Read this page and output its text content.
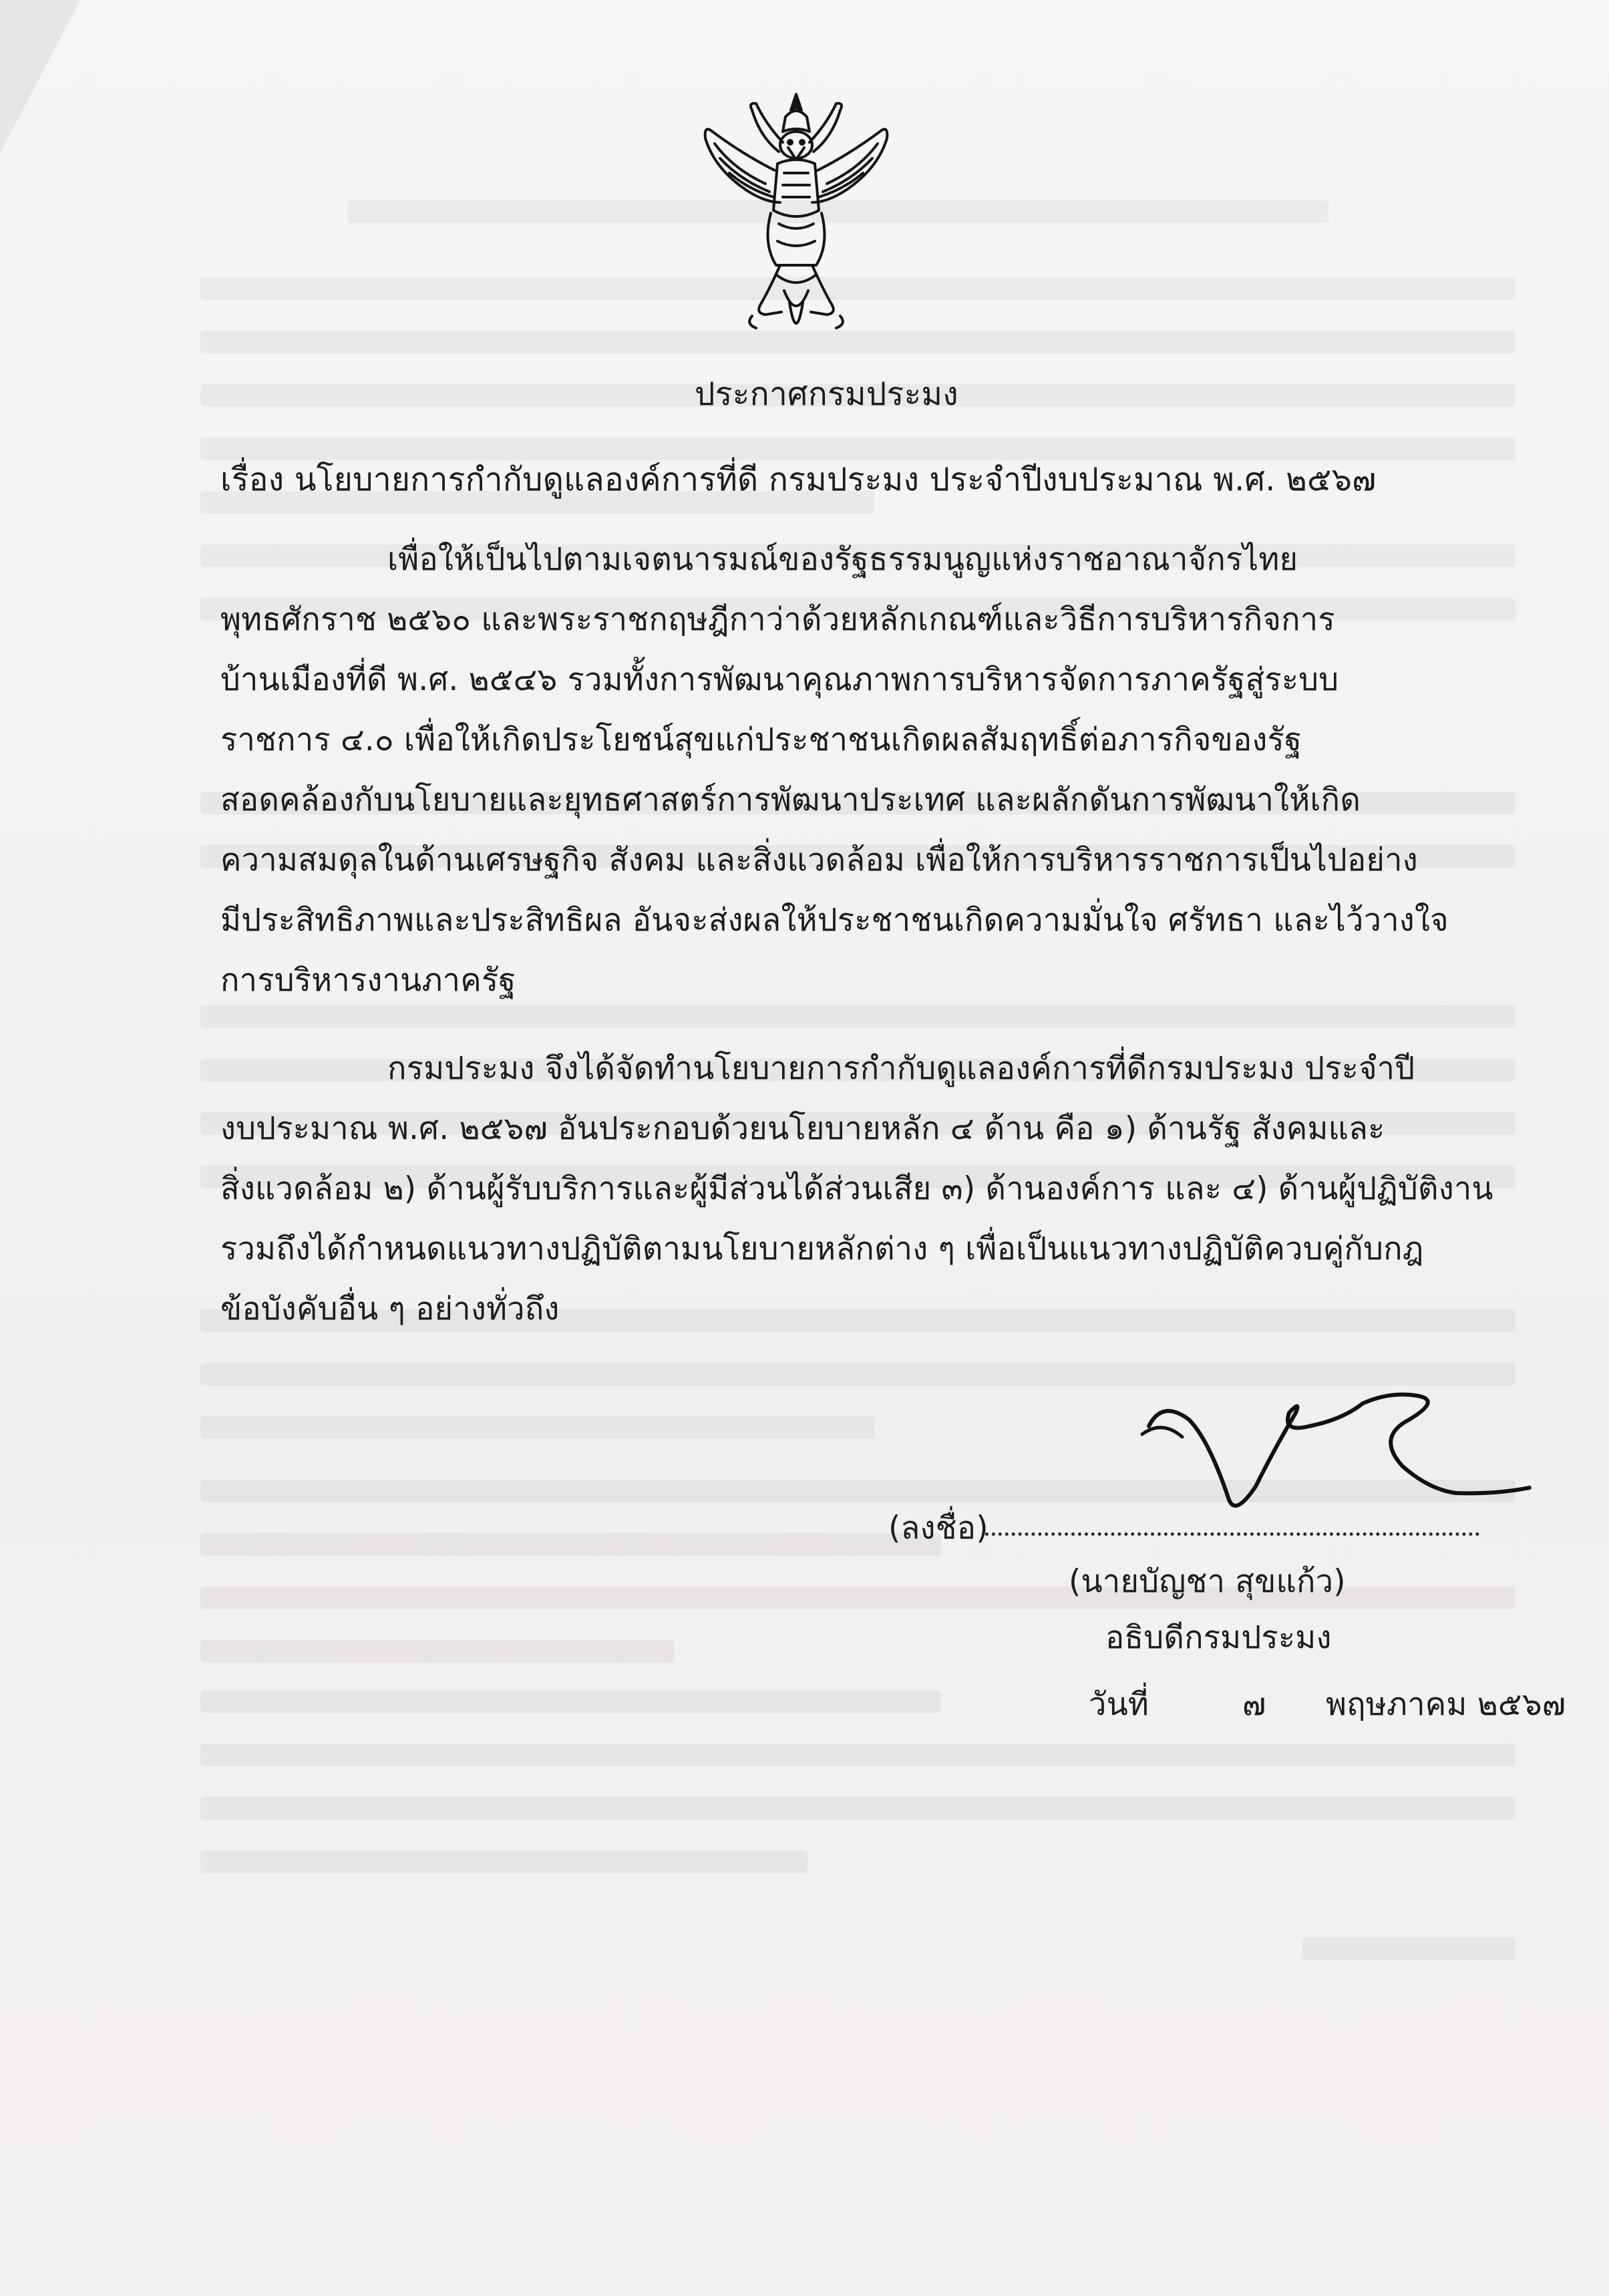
ประกาศกรมประมง
เรื่อง นโยบายการกำกับดูแลองค์การที่ดี กรมประมง ประจำปีงบประมาณ พ.ศ. ๒๕๖๗
เพื่อให้เป็นไปตามเจตนารมณ์ของรัฐธรรมนูญแห่งราชอาณาจักรไทย
พุทธศักราช ๒๕๖๐ และพระราชกฤษฎีกาว่าด้วยหลักเกณฑ์และวิธีการบริหารกิจการ
บ้านเมืองที่ดี พ.ศ. ๒๕๔๖ รวมทั้งการพัฒนาคุณภาพการบริหารจัดการภาครัฐสู่ระบบ
ราชการ ๔.๐ เพื่อให้เกิดประโยชน์สุขแก่ประชาชนเกิดผลสัมฤทธิ์ต่อภารกิจของรัฐ
สอดคล้องกับนโยบายและยุทธศาสตร์การพัฒนาประเทศ และผลักดันการพัฒนาให้เกิด
ความสมดุลในด้านเศรษฐกิจ สังคม และสิ่งแวดล้อม เพื่อให้การบริหารราชการเป็นไปอย่าง
มีประสิทธิภาพและประสิทธิผล อันจะส่งผลให้ประชาชนเกิดความมั่นใจ ศรัทธา และไว้วางใจ
การบริหารงานภาครัฐ
กรมประมง จึงได้จัดทำนโยบายการกำกับดูแลองค์การที่ดีกรมประมง ประจำปี
งบประมาณ พ.ศ. ๒๕๖๗ อันประกอบด้วยนโยบายหลัก ๔ ด้าน คือ ๑) ด้านรัฐ สังคมและ
สิ่งแวดล้อม ๒) ด้านผู้รับบริการและผู้มีส่วนได้ส่วนเสีย ๓) ด้านองค์การ และ ๔) ด้านผู้ปฏิบัติงาน
รวมถึงได้กำหนดแนวทางปฏิบัติตามนโยบายหลักต่าง ๆ เพื่อเป็นแนวทางปฏิบัติควบคู่กับกฎ
ข้อบังคับอื่น ๆ อย่างทั่วถึง
(ลงชื่อ)
(นายบัญชา สุขแก้ว)
อธิบดีกรมประมง
วันที่	๗ พฤษภาคม ๒๕๖๗
